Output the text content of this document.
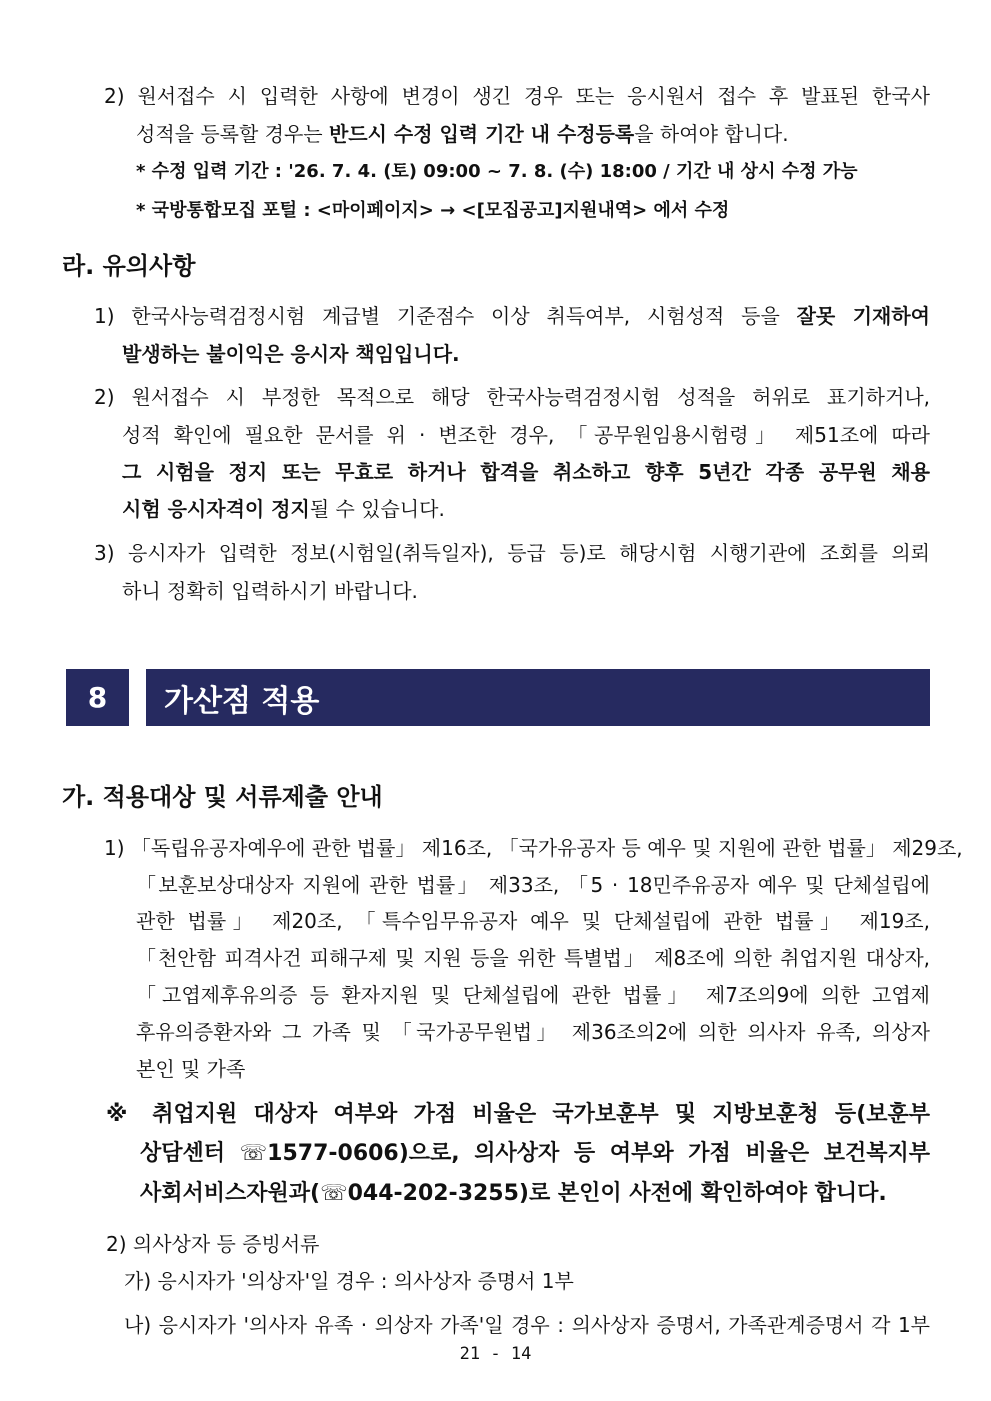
2) 원서접수 시 입력한 사항에 변경이 생긴 경우 또는 응시원서 접수 후 발표된 한국사
성적을 등록할 경우는 반드시 수정 입력 기간 내 수정등록을 하여야 합니다.
* 수정 입력 기간 : '26. 7. 4. (토) 09:00 ~ 7. 8. (수) 18:00 / 기간 내 상시 수정 가능
* 국방통합모집 포털 : <마이페이지> → <[모집공고]지원내역> 에서 수정
라. 유의사항
1) 한국사능력검정시험 계급별 기준점수 이상 취득여부, 시험성적 등을 잘못 기재하여
발생하는 불이익은 응시자 책임입니다.
2) 원서접수 시 부정한 목적으로 해당 한국사능력검정시험 성적을 허위로 표기하거나,
성적 확인에 필요한 문서를 위 · 변조한 경우, 「공무원임용시험령」 제51조에 따라
그 시험을 정지 또는 무효로 하거나 합격을 취소하고 향후 5년간 각종 공무원 채용
시험 응시자격이 정지될 수 있습니다.
3) 응시자가 입력한 정보(시험일(취득일자), 등급 등)로 해당시험 시행기관에 조회를 의뢰
하니 정확히 입력하시기 바랍니다.
8	가산점 적용
가. 적용대상 및 서류제출 안내
1) 「독립유공자예우에 관한 법률」 제16조, 「국가유공자 등 예우 및 지원에 관한 법률」 제29조,
「보훈보상대상자 지원에 관한 법률」 제33조, 「5 · 18민주유공자 예우 및 단체설립에
관한 법률」 제20조, 「특수임무유공자 예우 및 단체설립에 관한 법률」 제19조,
「천안함 피격사건 피해구제 및 지원 등을 위한 특별법」 제8조에 의한 취업지원 대상자,
「고엽제후유의증 등 환자지원 및 단체설립에 관한 법률」 제7조의9에 의한 고엽제
후유의증환자와 그 가족 및 「국가공무원법」 제36조의2에 의한 의사자 유족, 의상자
본인 및 가족
※ 취업지원 대상자 여부와 가점 비율은 국가보훈부 및 지방보훈청 등(보훈부
상담센터 ☏1577-0606)으로, 의사상자 등 여부와 가점 비율은 보건복지부
사회서비스자원과(☏044-202-3255)로 본인이 사전에 확인하여야 합니다.
2) 의사상자 등 증빙서류
가) 응시자가 '의상자'일 경우 : 의사상자 증명서 1부
나) 응시자가 '의사자 유족 · 의상자 가족'일 경우 : 의사상자 증명서, 가족관계증명서 각 1부
21 - 14
